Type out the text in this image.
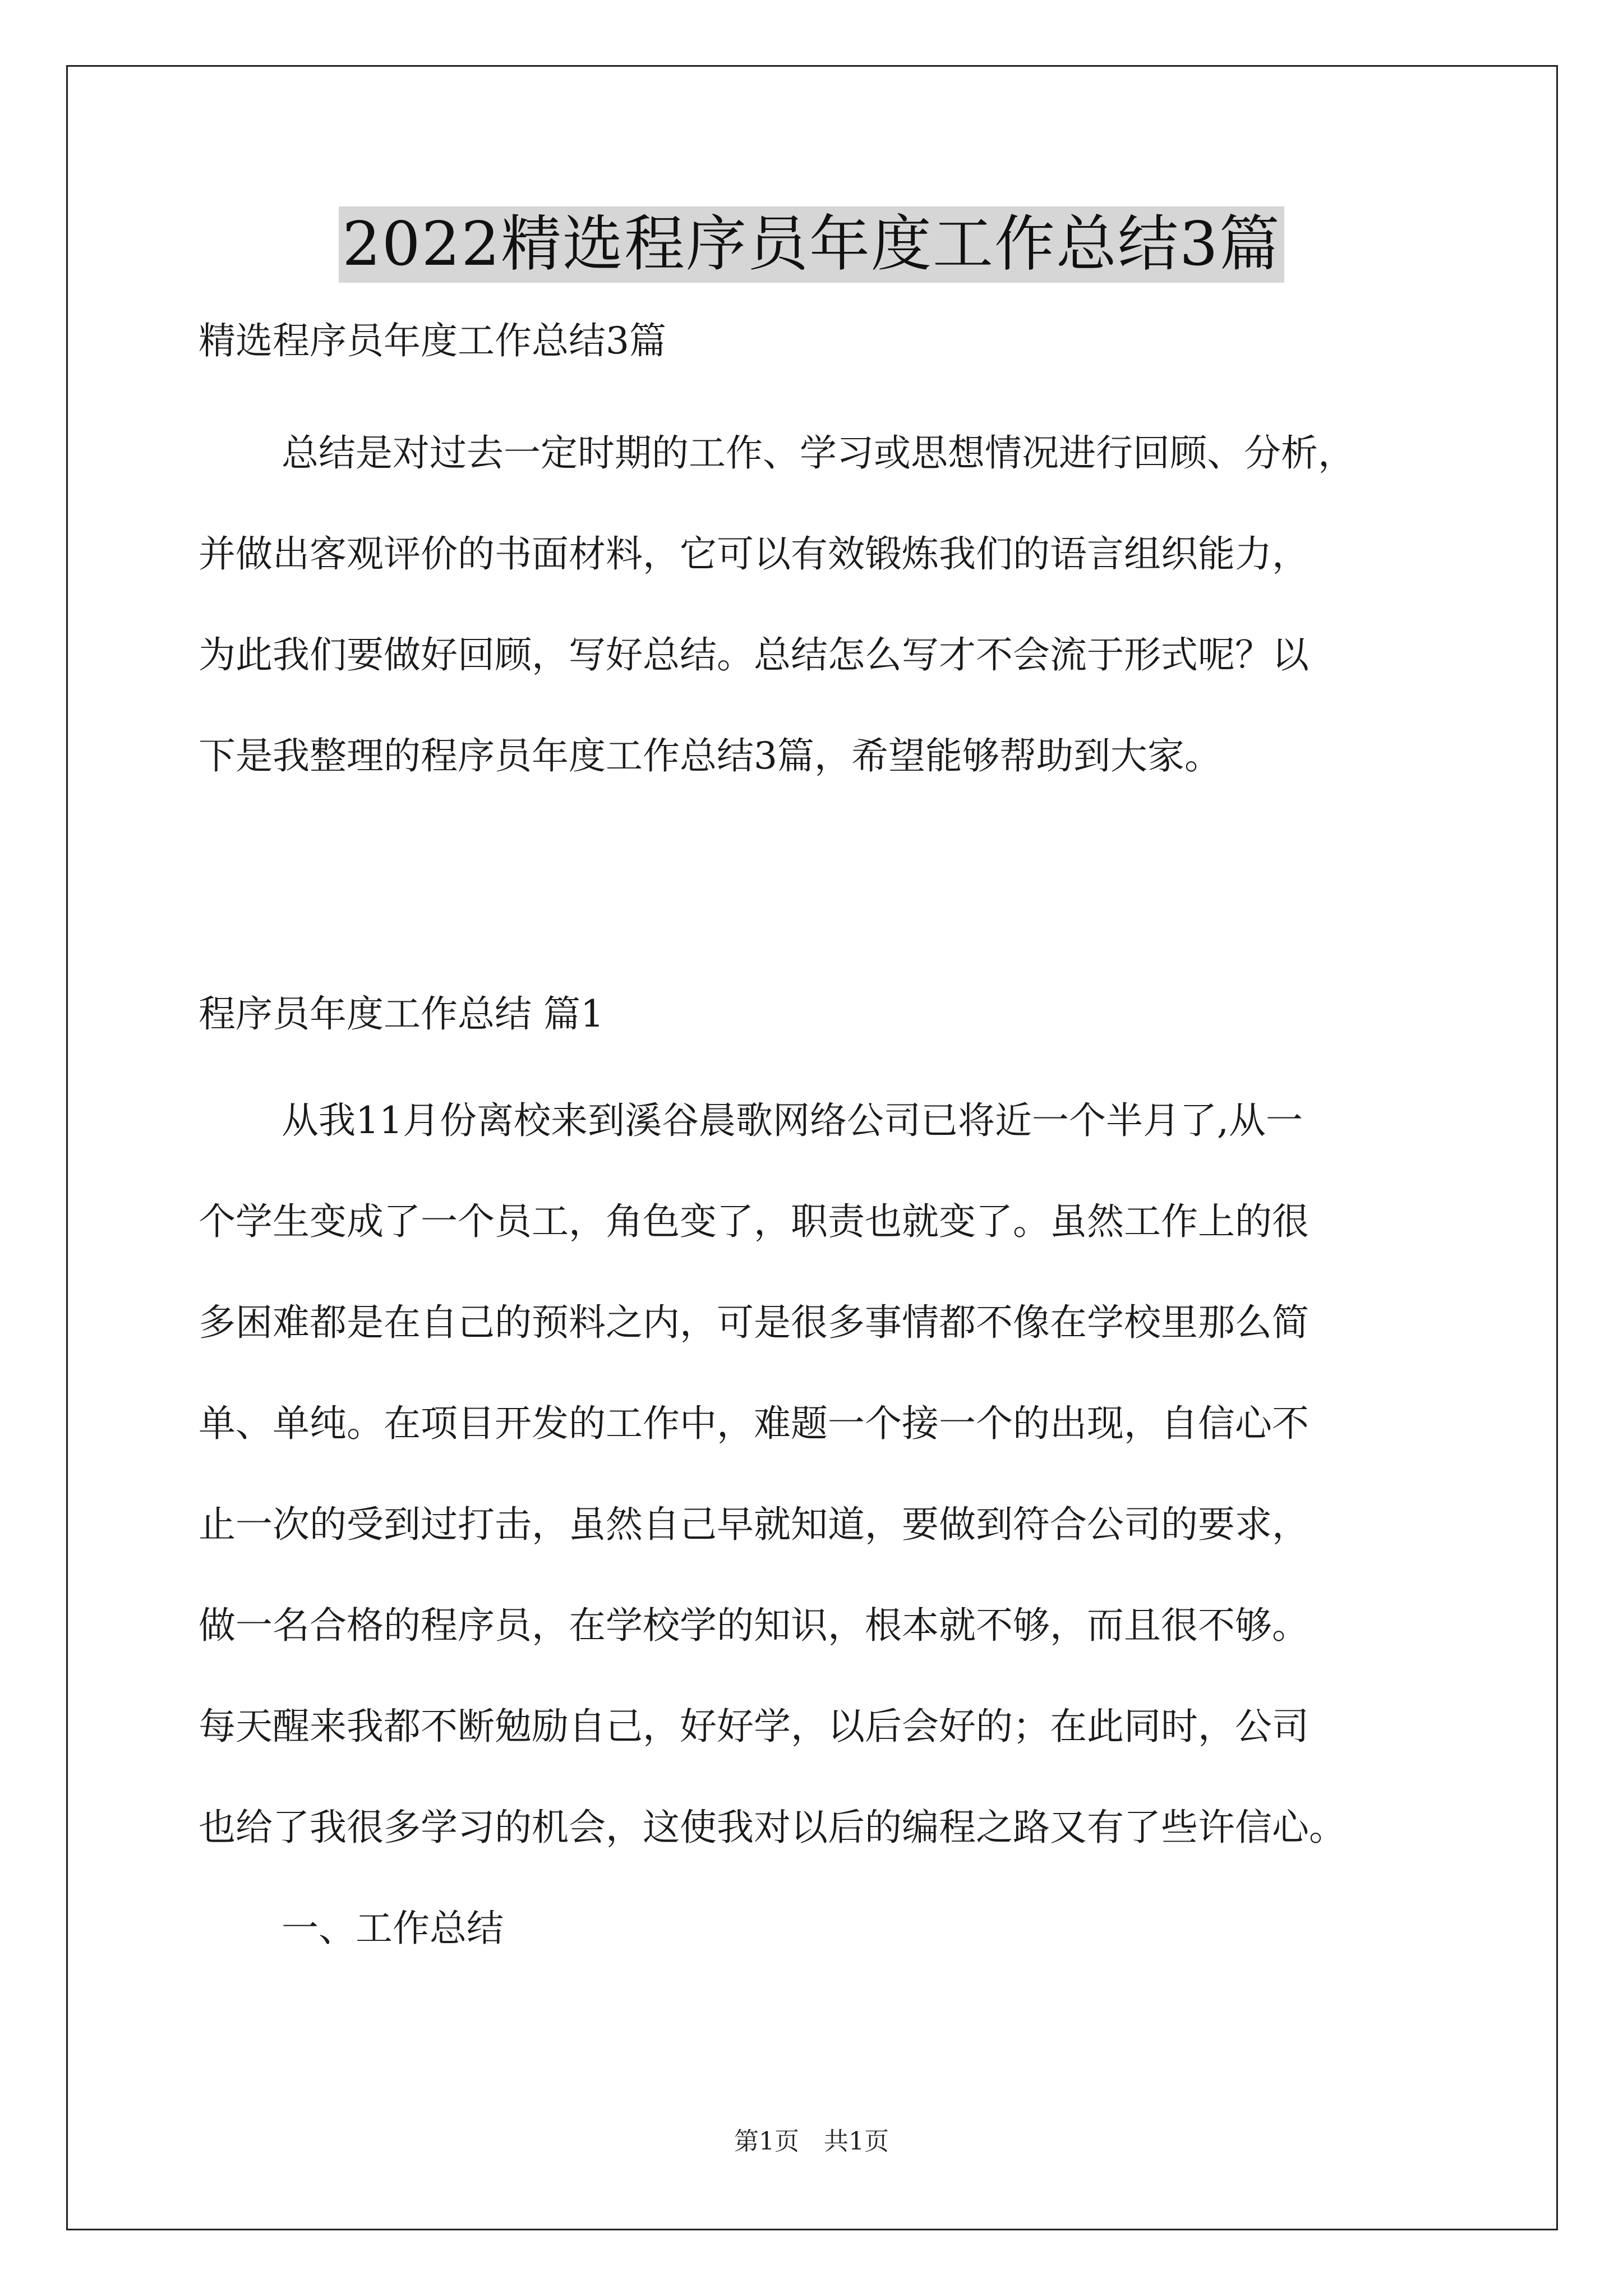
2022精选程序员年度工作总结3篇
精选程序员年度工作总结3篇
总结是对过去一定时期的工作、学习或思想情况进行回顾、分析，
并做出客观评价的书面材料，它可以有效锻炼我们的语言组织能力，
为此我们要做好回顾，写好总结。总结怎么写才不会流于形式呢？以
下是我整理的程序员年度工作总结3篇，希望能够帮助到大家。
程序员年度工作总结 篇1
从我11月份离校来到溪谷晨歌网络公司已将近一个半月了,从一
个学生变成了一个员工，角色变了，职责也就变了。虽然工作上的很
多困难都是在自己的预料之内，可是很多事情都不像在学校里那么简
单、单纯。在项目开发的工作中，难题一个接一个的出现，自信心不
止一次的受到过打击，虽然自己早就知道，要做到符合公司的要求，
做一名合格的程序员，在学校学的知识，根本就不够，而且很不够。
每天醒来我都不断勉励自己，好好学，以后会好的；在此同时，公司
也给了我很多学习的机会，这使我对以后的编程之路又有了些许信心。
一、工作总结
第1页　共1页
